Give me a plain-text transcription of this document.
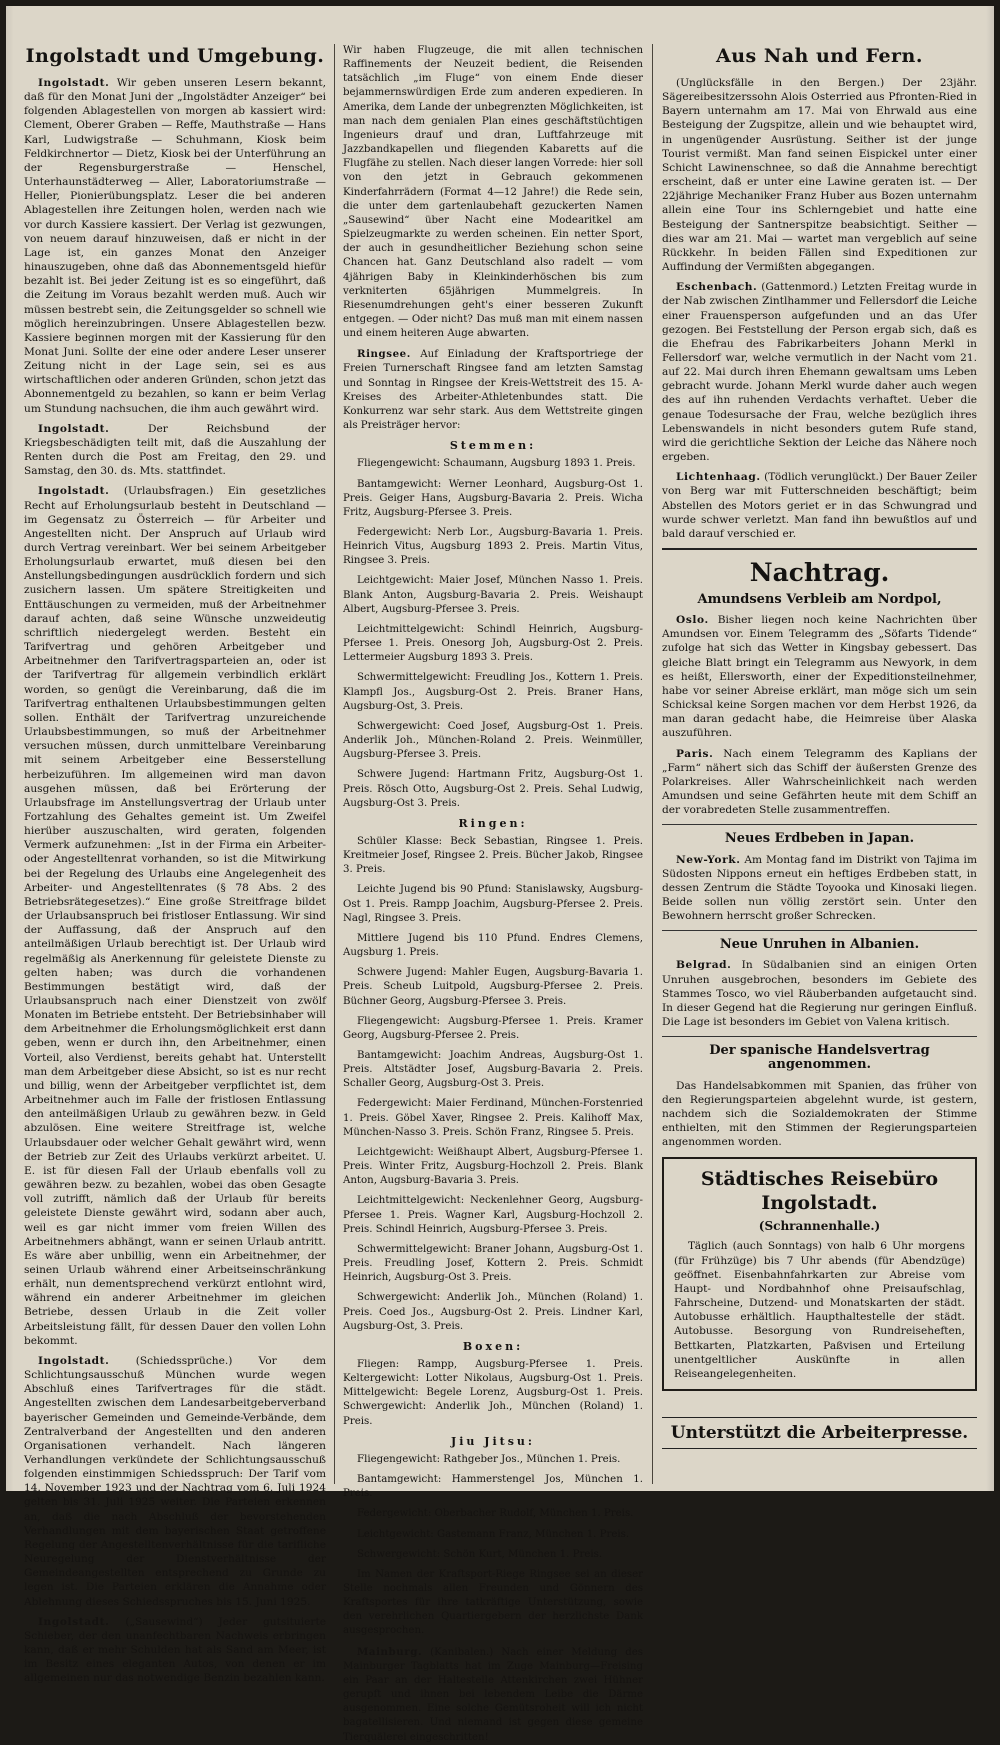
Ingolstadt und Umgebung.

Ingolstadt. Wir geben unseren Lesern bekannt, daß für den Monat Juni der „Ingolstädter Anzeiger“ bei folgenden Ablagestellen von morgen ab kassiert wird: Clement, Oberer Graben — Reffe, Mauthstraße — Hans Karl, Ludwigstraße — Schuhmann, Kiosk beim Feldkirchnertor — Dietz, Kiosk bei der Unterführung an der Regensburgerstraße — Henschel, Unterhaunstädterweg — Aller, Laboratoriumstraße — Heller, Pionierübungsplatz. Leser die bei anderen Ablagestellen ihre Zeitungen holen, werden nach wie vor durch Kassiere kassiert. Der Verlag ist gezwungen, von neuem darauf hinzuweisen, daß er nicht in der Lage ist, ein ganzes Monat den Anzeiger hinauszugeben, ohne daß das Abonnementsgeld hiefür bezahlt ist. Bei jeder Zeitung ist es so eingeführt, daß die Zeitung im Voraus bezahlt werden muß. Auch wir müssen bestrebt sein, die Zeitungsgelder so schnell wie möglich hereinzubringen. Unsere Ablagestellen bezw. Kassiere beginnen morgen mit der Kassierung für den Monat Juni. Sollte der eine oder andere Leser unserer Zeitung nicht in der Lage sein, sei es aus wirtschaftlichen oder anderen Gründen, schon jetzt das Abonnementgeld zu bezahlen, so kann er beim Verlag um Stundung nachsuchen, die ihm auch gewährt wird.

Ingolstadt.	Der Reichsbund der Kriegsbeschädigten teilt mit, daß die Auszahlung der Renten durch die Post am Freitag, den 29. und Samstag, den 30. ds. Mts. stattfindet.

Ingolstadt. (Urlaubsfragen.) Ein gesetzliches Recht auf Erholungsurlaub besteht in Deutschland — im Gegensatz zu Österreich — für Arbeiter und Angestellten nicht. Der Anspruch auf Urlaub wird durch Vertrag vereinbart. Wer bei seinem Arbeitgeber Erholungsurlaub erwartet, muß diesen bei den Anstellungsbedingungen ausdrücklich fordern und sich zusichern lassen. Um spätere Streitigkeiten und Enttäuschungen zu vermeiden, muß der Arbeitnehmer darauf achten, daß seine Wünsche unzweideutig schriftlich niedergelegt werden. Besteht ein Tarifvertrag und gehören Arbeitgeber und Arbeitnehmer den Tarifvertragsparteien an, oder ist der Tarifvertrag für allgemein verbindlich erklärt worden, so genügt die Vereinbarung, daß die im Tarifvertrag enthaltenen Urlaubsbestimmungen gelten sollen. Enthält der Tarifvertrag unzureichende Urlaubsbestimmungen, so muß der Arbeitnehmer versuchen müssen, durch unmittelbare Vereinbarung mit seinem Arbeitgeber eine Besserstellung herbeizuführen. Im allgemeinen wird man davon ausgehen müssen, daß bei Erörterung der Urlaubsfrage im Anstellungsvertrag der Urlaub unter Fortzahlung des Gehaltes gemeint ist. Um Zweifel hierüber auszuschalten, wird geraten, folgenden Vermerk aufzunehmen: „Ist in der Firma ein Arbeiter- oder Angestelltenrat vorhanden, so ist die Mitwirkung bei der Regelung des Urlaubs eine Angelegenheit des Arbeiter- und Angestelltenrates (§ 78 Abs. 2 des Betriebsrätegesetzes).“ Eine große Streitfrage bildet der Urlaubsanspruch bei fristloser Entlassung. Wir sind der Auffassung, daß der Anspruch auf den anteilmäßigen Urlaub berechtigt ist. Der Urlaub wird regelmäßig als Anerkennung für geleistete Dienste zu gelten haben; was durch die vorhandenen Bestimmungen bestätigt wird, daß der Urlaubsanspruch nach einer Dienstzeit von zwölf Monaten im Betriebe entsteht. Der Betriebsinhaber will dem Arbeitnehmer die Erholungsmöglichkeit erst dann geben, wenn er durch ihn, den Arbeitnehmer, einen Vorteil, also Verdienst, bereits gehabt hat. Unterstellt man dem Arbeitgeber diese Absicht, so ist es nur recht und billig, wenn der Arbeitgeber verpflichtet ist, dem Arbeitnehmer auch im Falle der fristlosen Entlassung den anteilmäßigen Urlaub zu gewähren bezw. in Geld abzulösen. Eine weitere Streitfrage ist, welche Urlaubsdauer oder welcher Gehalt gewährt wird, wenn der Betrieb zur Zeit des Urlaubs verkürzt arbeitet. U. E. ist für diesen Fall der Urlaub ebenfalls voll zu gewähren bezw. zu bezahlen, wobei das oben Gesagte voll zutrifft, nämlich daß der Urlaub für bereits geleistete Dienste gewährt wird, sodann aber auch, weil es gar nicht immer vom freien Willen des Arbeitnehmers abhängt, wann er seinen Urlaub antritt. Es wäre aber unbillig, wenn ein Arbeitnehmer, der seinen Urlaub während einer Arbeitseinschränkung erhält, nun dementsprechend verkürzt entlohnt wird, während ein anderer Arbeitnehmer im gleichen Betriebe, dessen Urlaub in die Zeit voller Arbeitsleistung fällt, für dessen Dauer den vollen Lohn bekommt.

Ingolstadt. (Schiedssprüche.) Vor dem Schlichtungsausschuß München wurde wegen Abschluß eines Tarifvertrages für die städt. Angestellten zwischen dem Landesarbeitgeberverband bayerischer Gemeinden und Gemeinde-Verbände, dem Zentralverband der Angestellten und den anderen Organisationen verhandelt. Nach längeren Verhandlungen verkündete der Schlichtungsausschuß folgenden einstimmigen Schiedsspruch: Der Tarif vom 14. November 1923 und der Nachtrag vom 6. Juli 1924 gelten bis 31. Juli 1925 weiter. Die Parteien erkennen an, daß die nach Abschluß der bevorstehenden Verhandlungen mit dem bayerischen Staat getroffene Regelung der Angestelltenverhältnisse für die tarifliche Neuregelung der Dienstverhältnisse der Gemeindeangestellten entsprechend zu Grunde zu legen ist. Die Parteien erklären die Annahme oder Ablehnung dieses Schiedsspruches bis 15. Juni 1925.

Ingolstadt. („Sausewind“) Jeder gutsituierte Schieber, der den unanfechtbaren Nachweis erbringen kann, daß er mehr Schulden hat als Sand am Meer, ist im Besitz eines eleganten Autos, von denen er im allgemeinen nur das notwendige Benzin bezahlen kann.

Wir haben Flugzeuge, die mit allen technischen Raffinements der Neuzeit bedient, die Reisenden tatsächlich „im Fluge“ von einem Ende dieser bejammernswürdigen Erde zum anderen expedieren. In Amerika, dem Lande der unbegrenzten Möglichkeiten, ist man nach dem genialen Plan eines geschäftstüchtigen Ingenieurs drauf und dran, Luftfahrzeuge mit Jazzbandkapellen und fliegenden Kabaretts auf die Flugfähe zu stellen. Nach dieser langen Vorrede: hier soll von den jetzt in Gebrauch gekommenen Kinderfahrrädern (Format 4—12 Jahre!) die Rede sein, die unter dem gartenlaubehaft gezuckerten Namen „Sausewind“ über Nacht eine Modearitkel am Spielzeugmarkte zu werden scheinen. Ein netter Sport, der auch in gesundheitlicher Beziehung schon seine Chancen hat. Ganz Deutschland also radelt — vom 4jährigen Baby in Kleinkinderhöschen bis zum verkniterten 65jährigen Mummelgreis. In Riesenumdrehungen geht's einer besseren Zukunft entgegen. — Oder nicht? Das muß man mit einem nassen und einem heiteren Auge abwarten.

Ringsee. Auf Einladung der Kraftsportriege der Freien Turnerschaft Ringsee fand am letzten Samstag und Sonntag in Ringsee der Kreis-Wettstreit des 15. A-Kreises des Arbeiter-Athletenbundes statt. Die Konkurrenz war sehr stark. Aus dem Wettstreite gingen als Preisträger hervor:

Stemmen:

Fliegengewicht: Schaumann, Augsburg 1893 1. Preis.

Bantamgewicht: Werner Leonhard, Augsburg-Ost 1. Preis. Geiger Hans, Augsburg-Bavaria 2. Preis. Wicha Fritz, Augsburg-Pfersee 3. Preis.

Federgewicht: Nerb Lor., Augsburg-Bavaria 1. Preis. Heinrich Vitus, Augsburg 1893 2. Preis. Martin Vitus, Ringsee 3. Preis.

Leichtgewicht: Maier Josef, München Nasso 1. Preis. Blank Anton, Augsburg-Bavaria 2. Preis. Weishaupt Albert, Augsburg-Pfersee 3. Preis.

Leichtmittelgewicht: Schindl Heinrich, Augsburg-Pfersee 1. Preis. Onesorg Joh, Augsburg-Ost 2. Preis. Lettermeier Augsburg 1893 3. Preis.

Schwermittelgewicht: Freudling Jos., Kottern 1. Preis. Klampfl Jos., Augsburg-Ost 2. Preis. Braner Hans, Augsburg-Ost, 3. Preis.

Schwergewicht: Coed Josef, Augsburg-Ost 1. Preis. Anderlik Joh., München-Roland 2. Preis. Weinmüller, Augsburg-Pfersee 3. Preis.

Schwere Jugend: Hartmann Fritz, Augsburg-Ost 1. Preis. Rösch Otto, Augsburg-Ost 2. Preis. Sehal Ludwig, Augsburg-Ost 3. Preis.

Ringen:

Schüler Klasse: Beck Sebastian, Ringsee 1. Preis. Kreitmeier Josef, Ringsee 2. Preis. Bücher Jakob, Ringsee 3. Preis.

Leichte Jugend bis 90 Pfund: Stanislawsky, Augsburg-Ost 1. Preis. Rampp Joachim, Augsburg-Pfersee 2. Preis. Nagl, Ringsee 3. Preis.

Mittlere Jugend bis 110 Pfund. Endres Clemens, Augsburg 1. Preis.

Schwere Jugend: Mahler Eugen, Augsburg-Bavaria 1. Preis. Scheub Luitpold, Augsburg-Pfersee 2. Preis. Büchner Georg, Augsburg-Pfersee 3. Preis.

Fliegengewicht: Augsburg-Pfersee 1. Preis. Kramer Georg, Augsburg-Pfersee 2. Preis.

Bantamgewicht: Joachim Andreas, Augsburg-Ost 1. Preis. Altstädter Josef, Augsburg-Bavaria 2. Preis. Schaller Georg, Augsburg-Ost 3. Preis.

Federgewicht: Maier Ferdinand, München-Forstenried 1. Preis. Göbel Xaver, Ringsee 2. Preis. Kalihoff Max, München-Nasso 3. Preis. Schön Franz, Ringsee 5. Preis.

Leichtgewicht: Weißhaupt Albert, Augsburg-Pfersee 1. Preis. Winter Fritz, Augsburg-Hochzoll 2. Preis. Blank Anton, Augsburg-Bavaria 3. Preis.

Leichtmittelgewicht: Neckenlehner Georg, Augsburg-Pfersee 1. Preis. Wagner Karl, Augsburg-Hochzoll 2. Preis. Schindl Heinrich, Augsburg-Pfersee 3. Preis.

Schwermittelgewicht: Braner Johann, Augsburg-Ost 1. Preis. Freudling Josef, Kottern 2. Preis. Schmidt Heinrich, Augsburg-Ost 3. Preis.

Schwergewicht: Anderlik Joh., München (Roland) 1. Preis. Coed Jos., Augsburg-Ost 2. Preis. Lindner Karl, Augsburg-Ost, 3. Preis.

Boxen:

Fliegen: Rampp, Augsburg-Pfersee 1. Preis. Keltergewicht: Lotter Nikolaus, Augsburg-Ost 1. Preis. Mittelgewicht: Begele Lorenz, Augsburg-Ost 1. Preis. Schwergewicht: Anderlik Joh., München (Roland) 1. Preis.

Jiu Jitsu:

Fliegengewicht: Rathgeber Jos., München 1. Preis.

Bantamgewicht: Hammerstengel Jos, München 1. Preis.

Federgewicht: Oberbacher Rudolf, München 1. Preis.

Leichtgewicht: Gastemann Franz, München 1. Preis.

Schwergewicht: Schön Kurt, München 1. Preis.

Im Namen der Kraftsport-Riege Ringsee sei an dieser Stelle nochmals allen Freunden und Gönnern des Kraftsportes für ihre tatkräftige Unterstützung, sowie den verehrlichen Quartiergebern der herzlichste Dank ausgesprochen.

Mainburg. (Kanibalen.) Nach einer Meldung des Mainburger Tagblatts hat im Zuge Mainburg—Freising ein Paar an der Haltestelle Attenkirchen zwei Hühner gerupft und ihnen bei lebendem Leibe die Därme ausgenommen. Eine solche Gemütsroheit will ich nicht bagatellisieren. Und niemand ist gegen diese gemeine Tierquälerei eingeschritten!

Aus Nah und Fern.

(Unglücksfälle in den Bergen.) Der 23jähr. Sägereibesitzerssohn Alois Osterried aus Pfronten-Ried in Bayern unternahm am 17. Mai von Ehrwald aus eine Besteigung der Zugspitze, allein und wie behauptet wird, in ungenügender Ausrüstung. Seither ist der junge Tourist vermißt. Man fand seinen Eispickel unter einer Schicht Lawinenschnee, so daß die Annahme berechtigt erscheint, daß er unter eine Lawine geraten ist. — Der 22jährige Mechaniker Franz Huber aus Bozen unternahm allein eine Tour ins Schlerngebiet und hatte eine Besteigung der Santnerspitze beabsichtigt. Seither — dies war am 21. Mai — wartet man vergeblich auf seine Rückkehr. In beiden Fällen sind Expeditionen zur Auffindung der Vermißten abgegangen.

Eschenbach. (Gattenmord.) Letzten Freitag wurde in der Nab zwischen Zintlhammer und Fellersdorf die Leiche einer Frauensperson aufgefunden und an das Ufer gezogen. Bei Feststellung der Person ergab sich, daß es die Ehefrau des Fabrikarbeiters Johann Merkl in Fellersdorf war, welche vermutlich in der Nacht vom 21. auf 22. Mai durch ihren Ehemann gewaltsam ums Leben gebracht wurde. Johann Merkl wurde daher auch wegen des auf ihn ruhenden Verdachts verhaftet. Ueber die genaue Todesursache der Frau, welche bezüglich ihres Lebenswandels in nicht besonders gutem Rufe stand, wird die gerichtliche Sektion der Leiche das Nähere noch ergeben.

Lichtenhaag. (Tödlich verunglückt.) Der Bauer Zeiler von Berg war mit Futterschneiden beschäftigt; beim Abstellen des Motors geriet er in das Schwungrad und wurde schwer verletzt. Man fand ihn bewußtlos auf und bald darauf verschied er.

Nachtrag.
Amundsens Verbleib am Nordpol,

Oslo. Bisher liegen noch keine Nachrichten über Amundsen vor. Einem Telegramm des „Söfarts Tidende“ zufolge hat sich das Wetter in Kingsbay gebessert. Das gleiche Blatt bringt ein Telegramm aus Newyork, in dem es heißt, Ellersworth, einer der Expeditionsteilnehmer, habe vor seiner Abreise erklärt, man möge sich um sein Schicksal keine Sorgen machen vor dem Herbst 1926, da man daran gedacht habe, die Heimreise über Alaska auszuführen.

Paris. Nach einem Telegramm des Kaplians der „Farm“ nähert sich das Schiff der äußersten Grenze des Polarkreises. Aller Wahrscheinlichkeit nach werden Amundsen und seine Gefährten heute mit dem Schiff an der vorabredeten Stelle zusammentreffen.

Neues Erdbeben in Japan.

New-York. Am Montag fand im Distrikt von Tajima im Südosten Nippons erneut ein heftiges Erdbeben statt, in dessen Zentrum die Städte Toyooka und Kinosaki liegen. Beide sollen nun völlig zerstört sein. Unter den Bewohnern herrscht großer Schrecken.

Neue Unruhen in Albanien.

Belgrad. In Südalbanien sind an einigen Orten Unruhen ausgebrochen, besonders im Gebiete des Stammes Tosco, wo viel Räuberbanden aufgetaucht sind. In dieser Gegend hat die Regierung nur geringen Einfluß. Die Lage ist besonders im Gebiet von Valena kritisch.

Der spanische Handelsvertrag angenommen.

Das Handelsabkommen mit Spanien, das früher von den Regierungsparteien abgelehnt wurde, ist gestern, nachdem sich die Sozialdemokraten der Stimme enthielten, mit den Stimmen der Regierungsparteien angenommen worden.

Städtisches Reisebüro Ingolstadt.
(Schrannenhalle.)
Täglich (auch Sonntags) von halb 6 Uhr morgens (für Frühzüge) bis 7 Uhr abends (für Abendzüge) geöffnet. Eisenbahnfahrkarten zur Abreise vom Haupt- und Nordbahnhof ohne Preisaufschlag, Fahrscheine, Dutzend- und Monatskarten der städt. Autobusse erhältlich. Haupthaltestelle der städt. Autobusse. Besorgung von Rundreiseheften, Bettkarten, Platzkarten, Paßvisen und Erteilung unentgeltlicher Auskünfte in allen Reiseangelegenheiten.
Unterstützt die Arbeiterpresse.
